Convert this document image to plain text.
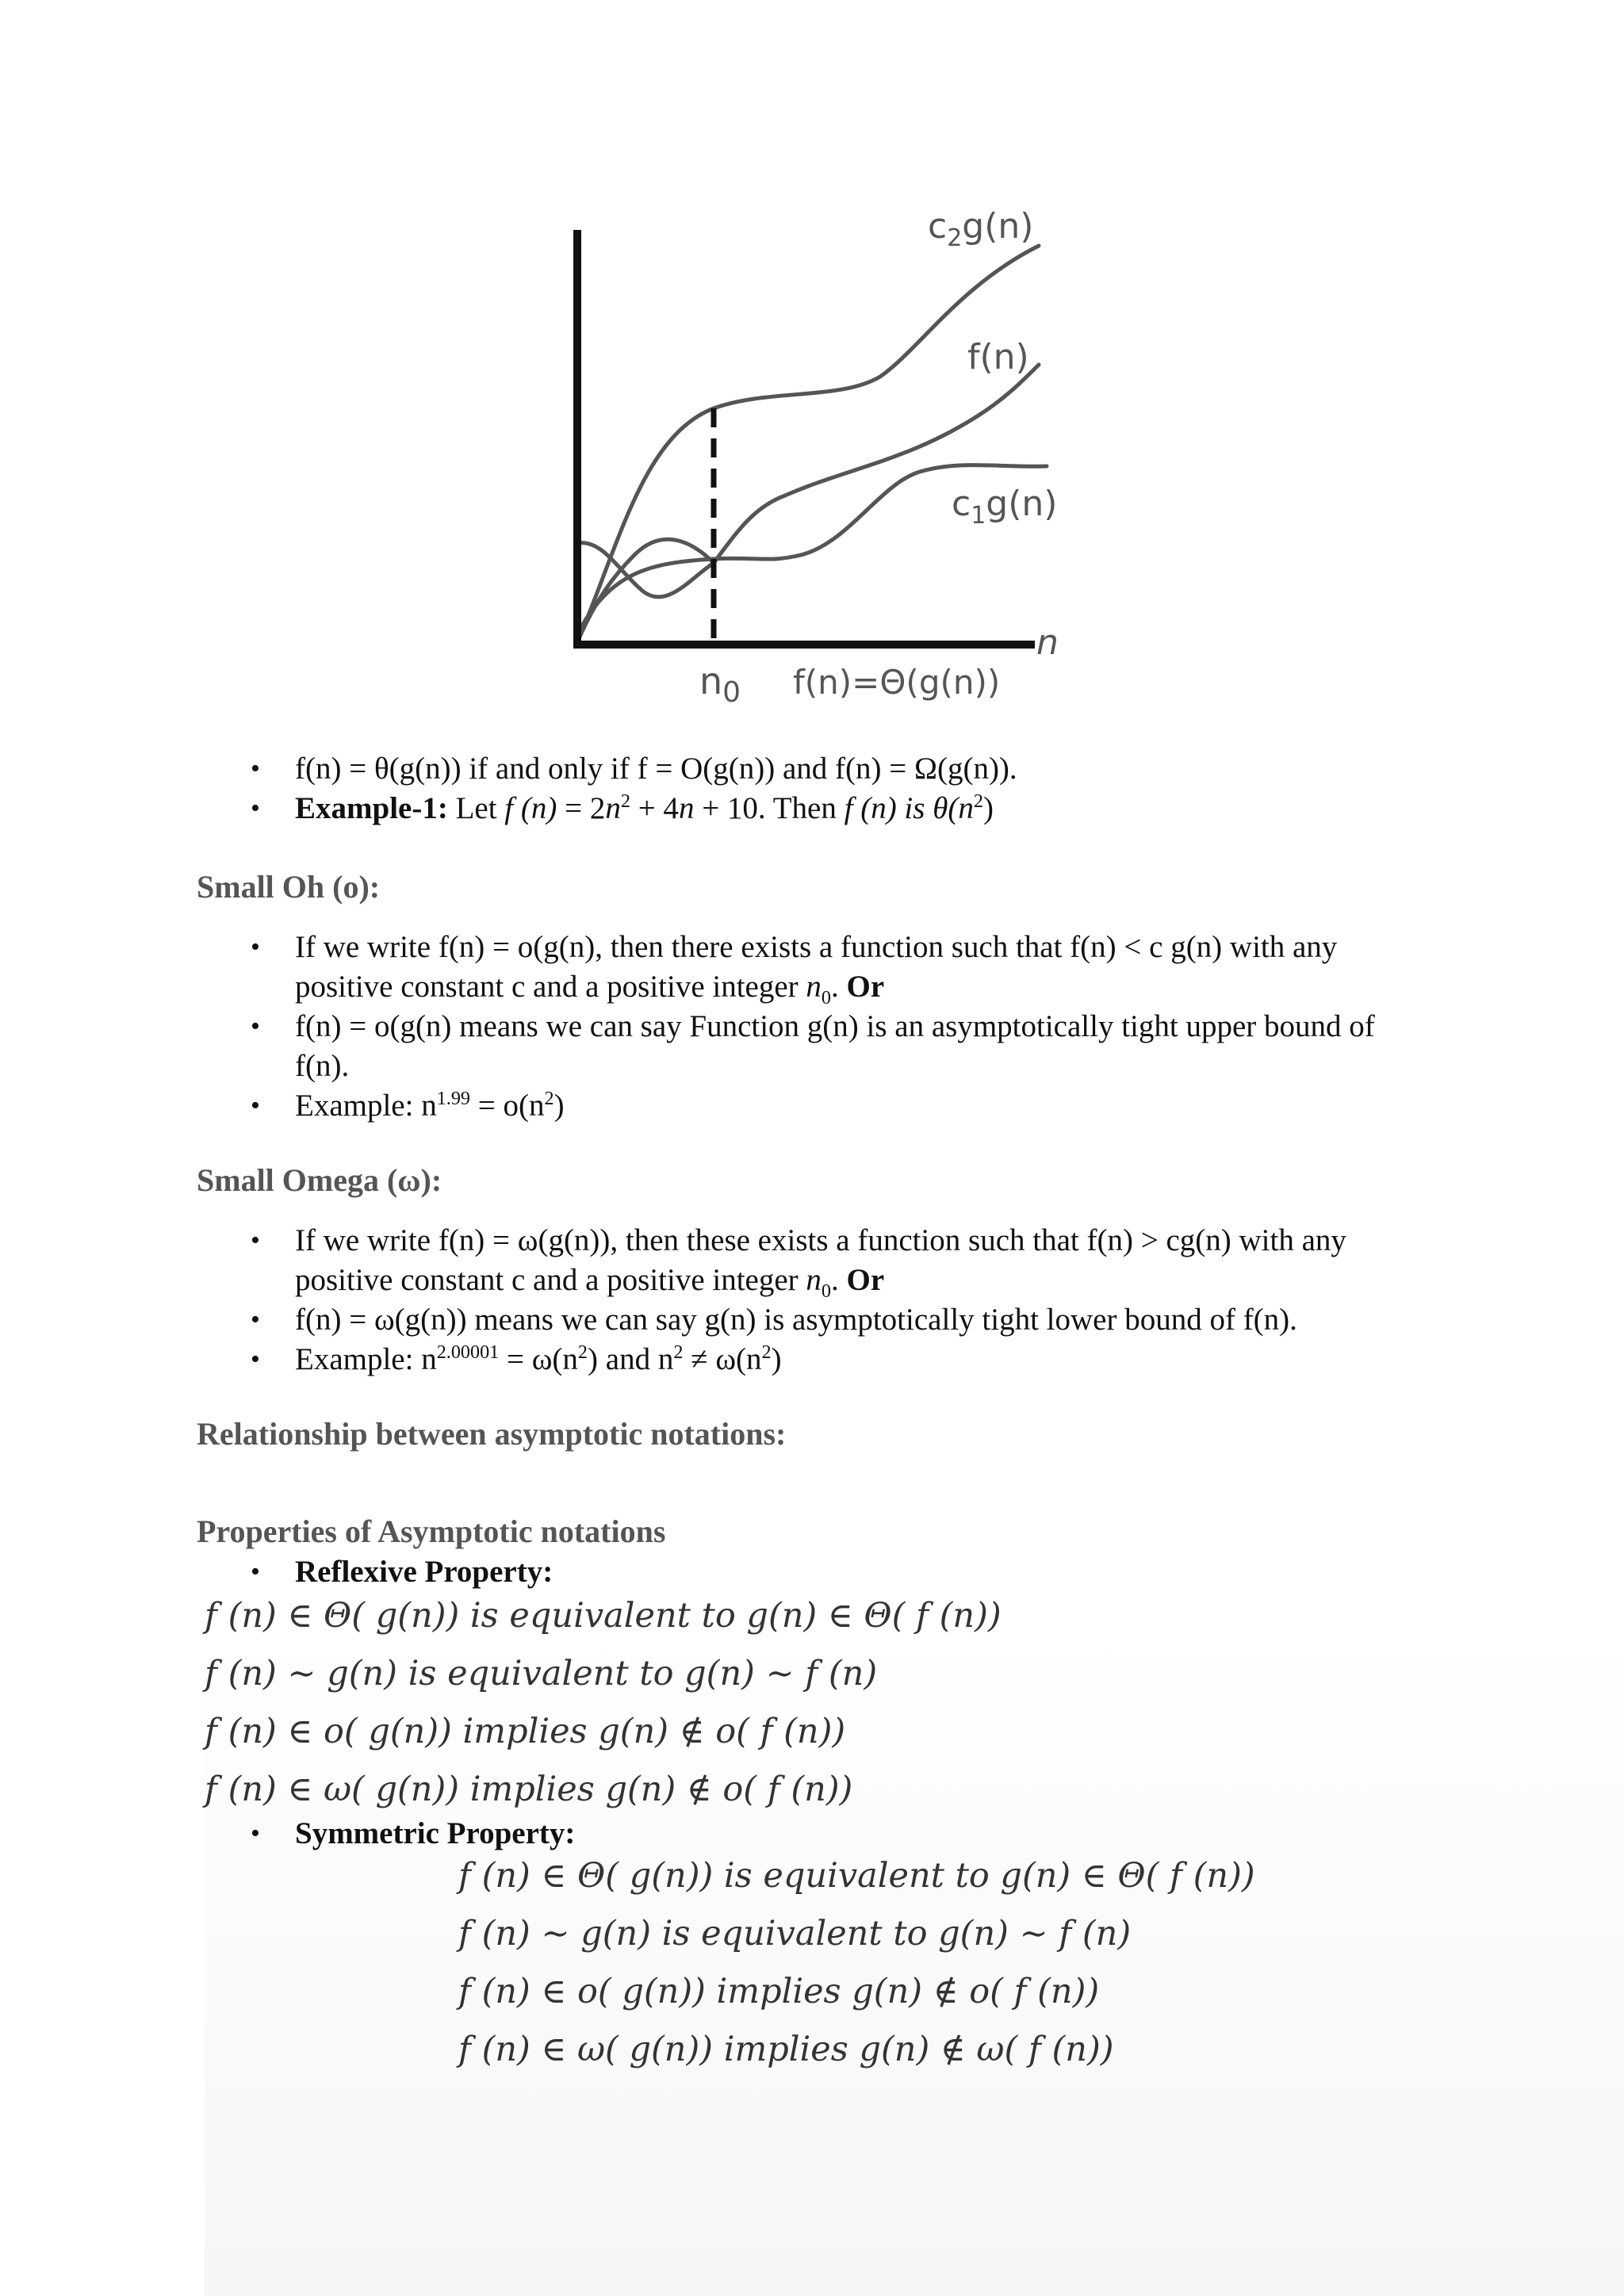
$c_2g(n)$
f(n)
$c_1g(n)$
n
$n_0$ f(n)=Θ(g(n))
• f(n) = θ(g(n)) if and only if f = O(g(n)) and f(n) = Ω(g(n)).
• Example-1: Let f $(n) = 2n^2 + 4n + 10$. Then f (n) is $\theta(n^2)$
Small Oh (o):
• If we write f(n) = o(g(n), then there exists a function such that f(n) < c g(n) with any positive constant c and a positive integer $n_0$. Or
• f(n) = o(g(n) means we can say Function g(n) is an asymptotically tight upper bound of f(n).
• Example: $n^{1.99} = o(n^2)$
Small Omega (ω):
• If we write f(n) = ω(g(n)), then these exists a function such that f(n) > cg(n) with any positive constant c and a positive integer $n_0$. Or
• f(n) = ω(g(n)) means we can say g(n) is asymptotically tight lower bound of f(n).
• Example: $n^{2.00001} = \omega(n^2)$ and $n^2 \ne \omega(n^2)$
Relationship between asymptotic notations:
Properties of Asymptotic notations
• Reflexive Property:
f (n) ∈ Θ( g(n)) is equivalent to g(n) ∈ Θ( f (n))
f (n) ∼ g(n) is equivalent to g(n) ∼ f (n)
f (n) ∈ o( g(n)) implies g(n) ∉ o( f (n))
f (n) ∈ ω( g(n)) implies g(n) ∉ o( f (n))
• Symmetric Property:
f (n) ∈ Θ( g(n)) is equivalent to g(n) ∈ Θ( f (n))
f (n) ∼ g(n) is equivalent to g(n) ∼ f (n)
f (n) ∈ o( g(n)) implies g(n) ∉ o( f (n))
f (n) ∈ ω( g(n)) implies g(n) ∉ ω( f (n))
